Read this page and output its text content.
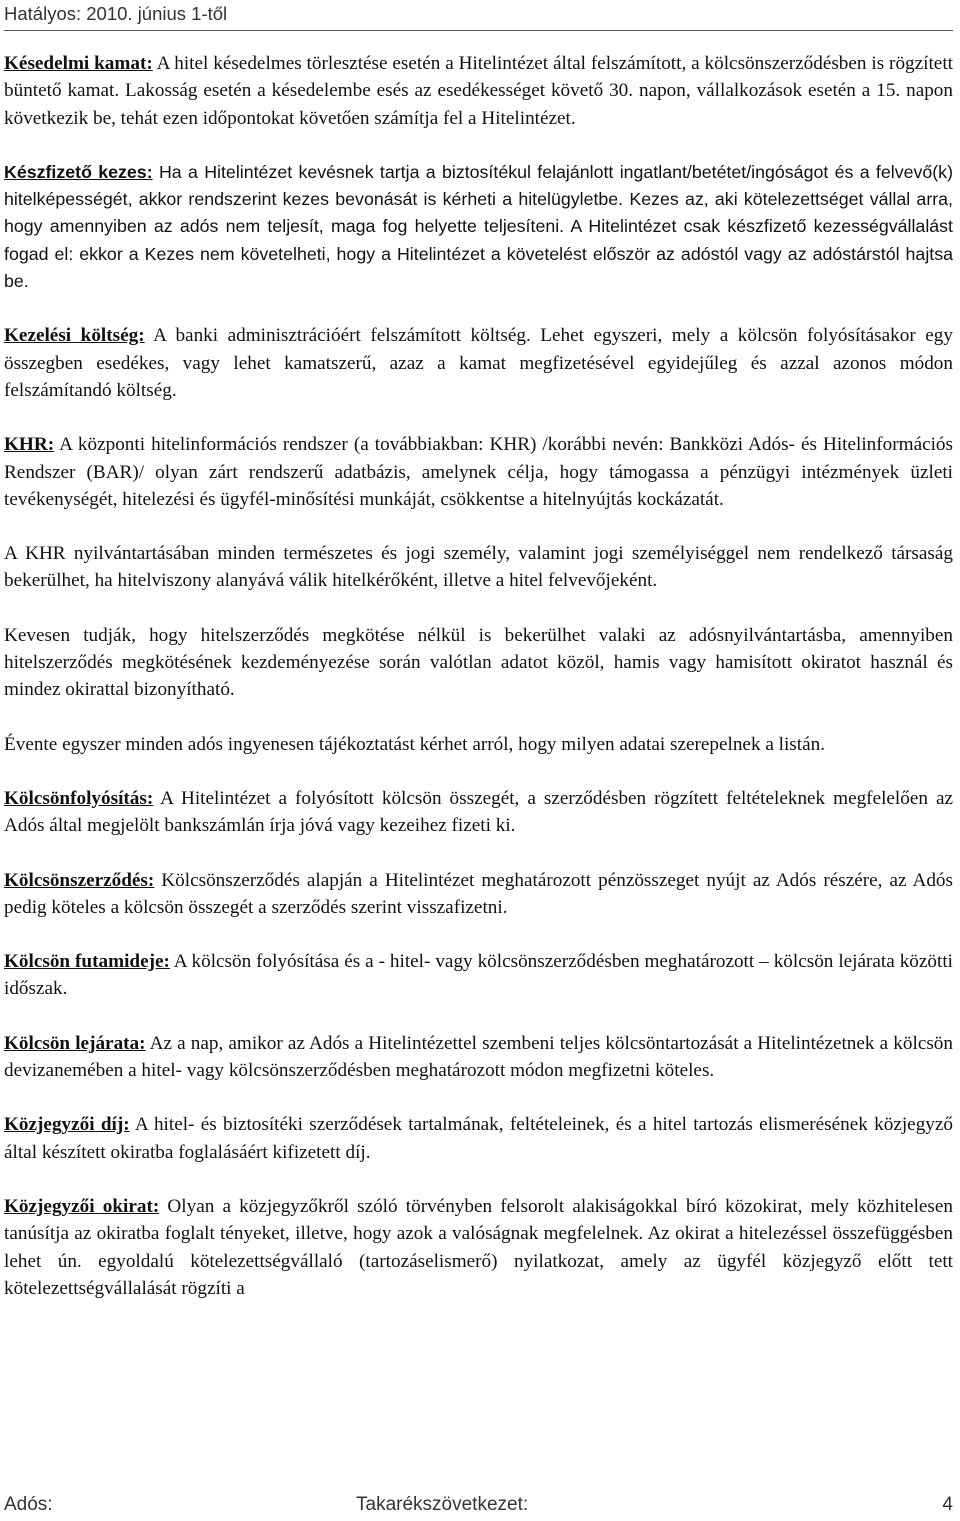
Hatályos: 2010. június 1-től

Késedelmi kamat: A hitel késedelmes törlesztése esetén a Hitelintézet által felszámított, a kölcsönszerződésben is rögzített büntető kamat. Lakosság esetén a késedelembe esés az esedékességet követő 30. napon, vállalkozások esetén a 15. napon következik be, tehát ezen időpontokat követően számítja fel a Hitelintézet.

Készfizető kezes: Ha a Hitelintézet kevésnek tartja a biztosítékul felajánlott ingatlant/betétet/ingóságot és a felvevő(k) hitelképességét, akkor rendszerint kezes bevonását is kérheti a hitelügyletbe. Kezes az, aki kötelezettséget vállal arra, hogy amennyiben az adós nem teljesít, maga fog helyette teljesíteni. A Hitelintézet csak készfizető kezességvállalást fogad el: ekkor a Kezes nem követelheti, hogy a Hitelintézet a követelést először az adóstól vagy az adóstárstól hajtsa be.

Kezelési költség: A banki adminisztrációért felszámított költség. Lehet egyszeri, mely a kölcsön folyósításakor egy összegben esedékes, vagy lehet kamatszerű, azaz a kamat megfizetésével egyidejűleg és azzal azonos módon felszámítandó költség.

KHR: A központi hitelinformációs rendszer (a továbbiakban: KHR) /korábbi nevén: Bankközi Adós- és Hitelinformációs Rendszer (BAR)/ olyan zárt rendszerű adatbázis, amelynek célja, hogy támogassa a pénzügyi intézmények üzleti tevékenységét, hitelezési és ügyfél-minősítési munkáját, csökkentse a hitelnyújtás kockázatát.

A KHR nyilvántartásában minden természetes és jogi személy, valamint jogi személyiséggel nem rendelkező társaság bekerülhet, ha hitelviszony alanyává válik hitelkérőként, illetve a hitel felvevőjeként.

Kevesen tudják, hogy hitelszerződés megkötése nélkül is bekerülhet valaki az adósnyilvántartásba, amennyiben hitelszerződés megkötésének kezdeményezése során valótlan adatot közöl, hamis vagy hamisított okiratot használ és mindez okirattal bizonyítható.

Évente egyszer minden adós ingyenesen tájékoztatást kérhet arról, hogy milyen adatai szerepelnek a listán.

Kölcsönfolyósítás: A Hitelintézet a folyósított kölcsön összegét, a szerződésben rögzített feltételeknek megfelelően az Adós által megjelölt bankszámlán írja jóvá vagy kezeihez fizeti ki.

Kölcsönszerződés: Kölcsönszerződés alapján a Hitelintézet meghatározott pénzösszeget nyújt az Adós részére, az Adós pedig köteles a kölcsön összegét a szerződés szerint visszafizetni.

Kölcsön futamideje: A kölcsön folyósítása és a - hitel- vagy kölcsönszerződésben meghatározott – kölcsön lejárata közötti időszak.

Kölcsön lejárata: Az a nap, amikor az Adós a Hitelintézettel szembeni teljes kölcsöntartozását a Hitelintézetnek a kölcsön devizanemében a hitel- vagy kölcsönszerződésben meghatározott módon megfizetni köteles.

Közjegyzői díj: A hitel- és biztosítéki szerződések tartalmának, feltételeinek, és a hitel tartozás elismerésének közjegyző által készített okiratba foglalásáért kifizetett díj.

Közjegyzői okirat: Olyan a közjegyzőkről szóló törvényben felsorolt alakiságokkal bíró közokirat, mely közhitelesen tanúsítja az okiratba foglalt tényeket, illetve, hogy azok a valóságnak megfelelnek. Az okirat a hitelezéssel összefüggésben lehet ún. egyoldalú kötelezettségvállaló (tartozáselismerő) nyilatkozat, amely az ügyfél közjegyző előtt tett kötelezettségvállalását rögzíti a

Adós:	Takarékszövetkezet:	4
